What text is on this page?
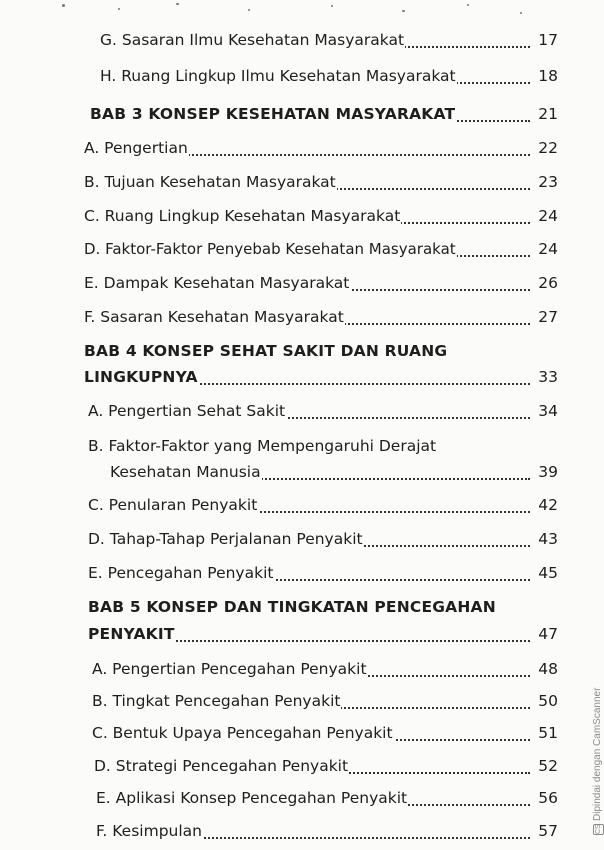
G. Sasaran Ilmu Kesehatan Masyarakat	17
H. Ruang Lingkup Ilmu Kesehatan Masyarakat	18
BAB 3 KONSEP KESEHATAN MASYARAKAT	21
A. Pengertian	22
B. Tujuan Kesehatan Masyarakat	23
C. Ruang Lingkup Kesehatan Masyarakat	24
D. Faktor-Faktor Penyebab Kesehatan Masyarakat	24
E. Dampak Kesehatan Masyarakat	26
F. Sasaran Kesehatan Masyarakat	27
BAB 4 KONSEP SEHAT SAKIT DAN RUANG
LINGKUPNYA	33
A. Pengertian Sehat Sakit	34
B. Faktor-Faktor yang Mempengaruhi Derajat
Kesehatan Manusia	39
C. Penularan Penyakit	42
D. Tahap-Tahap Perjalanan Penyakit	43
E. Pencegahan Penyakit	45
BAB 5 KONSEP DAN TINGKATAN PENCEGAHAN
PENYAKIT	47
A. Pengertian Pencegahan Penyakit	48
B. Tingkat Pencegahan Penyakit	50
C. Bentuk Upaya Pencegahan Penyakit	51
D. Strategi Pencegahan Penyakit	52
E. Aplikasi Konsep Pencegahan Penyakit	56
F. Kesimpulan	57	CSDipindai dengan CamScanner
